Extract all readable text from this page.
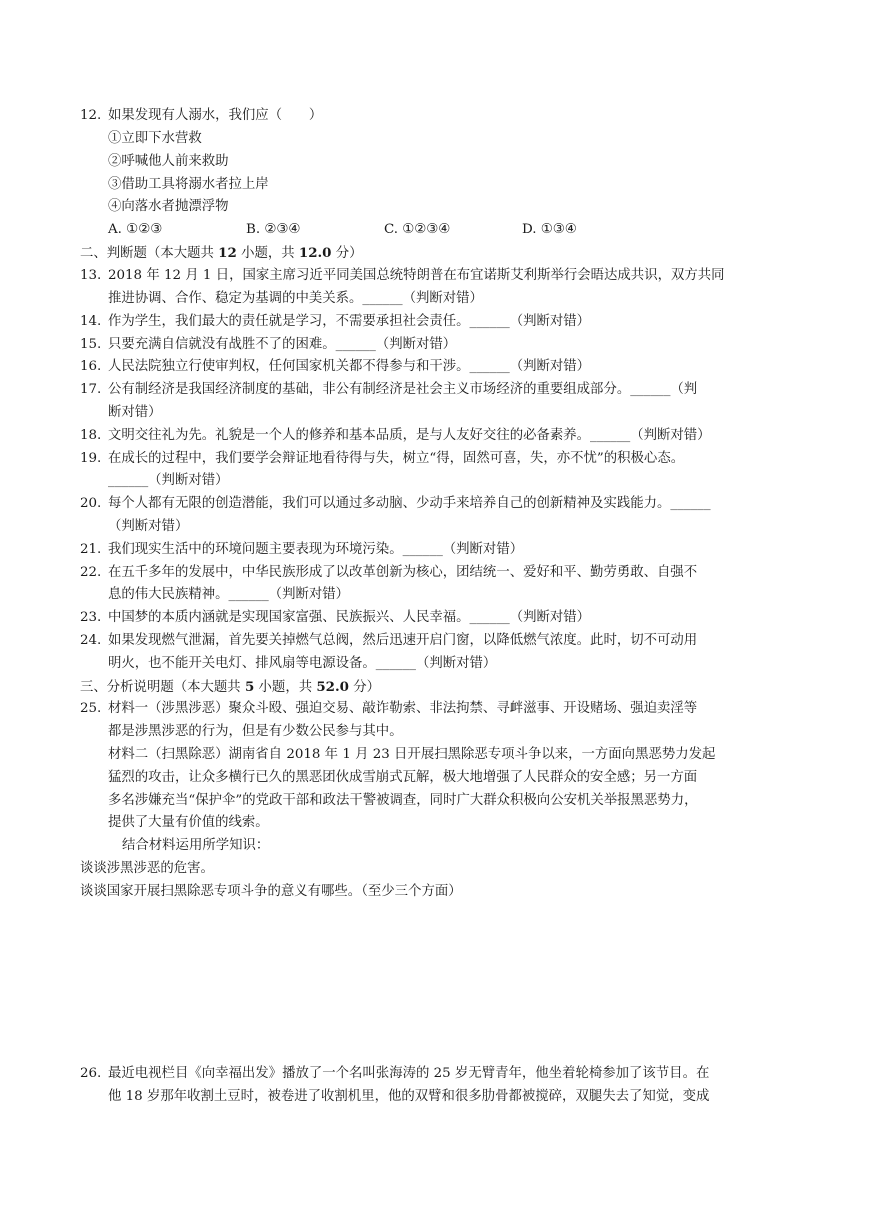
12. 如果发现有人溺水，我们应（　　）
①立即下水营救
②呼喊他人前来救助
③借助工具将溺水者拉上岸
④向落水者抛漂浮物
A. ①②③	B. ②③④	C. ①②③④	D. ①③④
二、判断题（本大题共 12 小题，共 12.0 分）
13. 2018 年 12 月 1 日，国家主席习近平同美国总统特朗普在布宜诺斯艾利斯举行会晤达成共识，双方共同
推进协调、合作、稳定为基调的中美关系。______（判断对错）
14. 作为学生，我们最大的责任就是学习，不需要承担社会责任。______（判断对错）
15. 只要充满自信就没有战胜不了的困难。______（判断对错）
16. 人民法院独立行使审判权，任何国家机关都不得参与和干涉。______（判断对错）
17. 公有制经济是我国经济制度的基础，非公有制经济是社会主义市场经济的重要组成部分。______（判
断对错）
18. 文明交往礼为先。礼貌是一个人的修养和基本品质，是与人友好交往的必备素养。______（判断对错）
19. 在成长的过程中，我们要学会辩证地看待得与失，树立“得，固然可喜，失，亦不忧”的积极心态。
______（判断对错）
20. 每个人都有无限的创造潜能，我们可以通过多动脑、少动手来培养自己的创新精神及实践能力。______
（判断对错）
21. 我们现实生活中的环境问题主要表现为环境污染。______（判断对错）
22. 在五千多年的发展中，中华民族形成了以改革创新为核心，团结统一、爱好和平、勤劳勇敢、自强不
息的伟大民族精神。______（判断对错）
23. 中国梦的本质内涵就是实现国家富强、民族振兴、人民幸福。______（判断对错）
24. 如果发现燃气泄漏，首先要关掉燃气总阀，然后迅速开启门窗，以降低燃气浓度。此时，切不可动用
明火，也不能开关电灯、排风扇等电源设备。______（判断对错）
三、分析说明题（本大题共 5 小题，共 52.0 分）
25. 材料一（涉黑涉恶）聚众斗殴、强迫交易、敲诈勒索、非法拘禁、寻衅滋事、开设赌场、强迫卖淫等
都是涉黑涉恶的行为，但是有少数公民参与其中。
材料二（扫黑除恶）湖南省自 2018 年 1 月 23 日开展扫黑除恶专项斗争以来，一方面向黑恶势力发起
猛烈的攻击，让众多横行已久的黑恶团伙成雪崩式瓦解，极大地增强了人民群众的安全感；另一方面
多名涉嫌充当“保护伞”的党政干部和政法干警被调查，同时广大群众积极向公安机关举报黑恶势力，
提供了大量有价值的线索。
结合材料运用所学知识：
谈谈涉黑涉恶的危害。
谈谈国家开展扫黑除恶专项斗争的意义有哪些。（至少三个方面）
26. 最近电视栏目《向幸福出发》播放了一个名叫张海涛的 25 岁无臂青年，他坐着轮椅参加了该节目。在
他 18 岁那年收割土豆时，被卷进了收割机里，他的双臂和很多肋骨都被搅碎，双腿失去了知觉，变成
